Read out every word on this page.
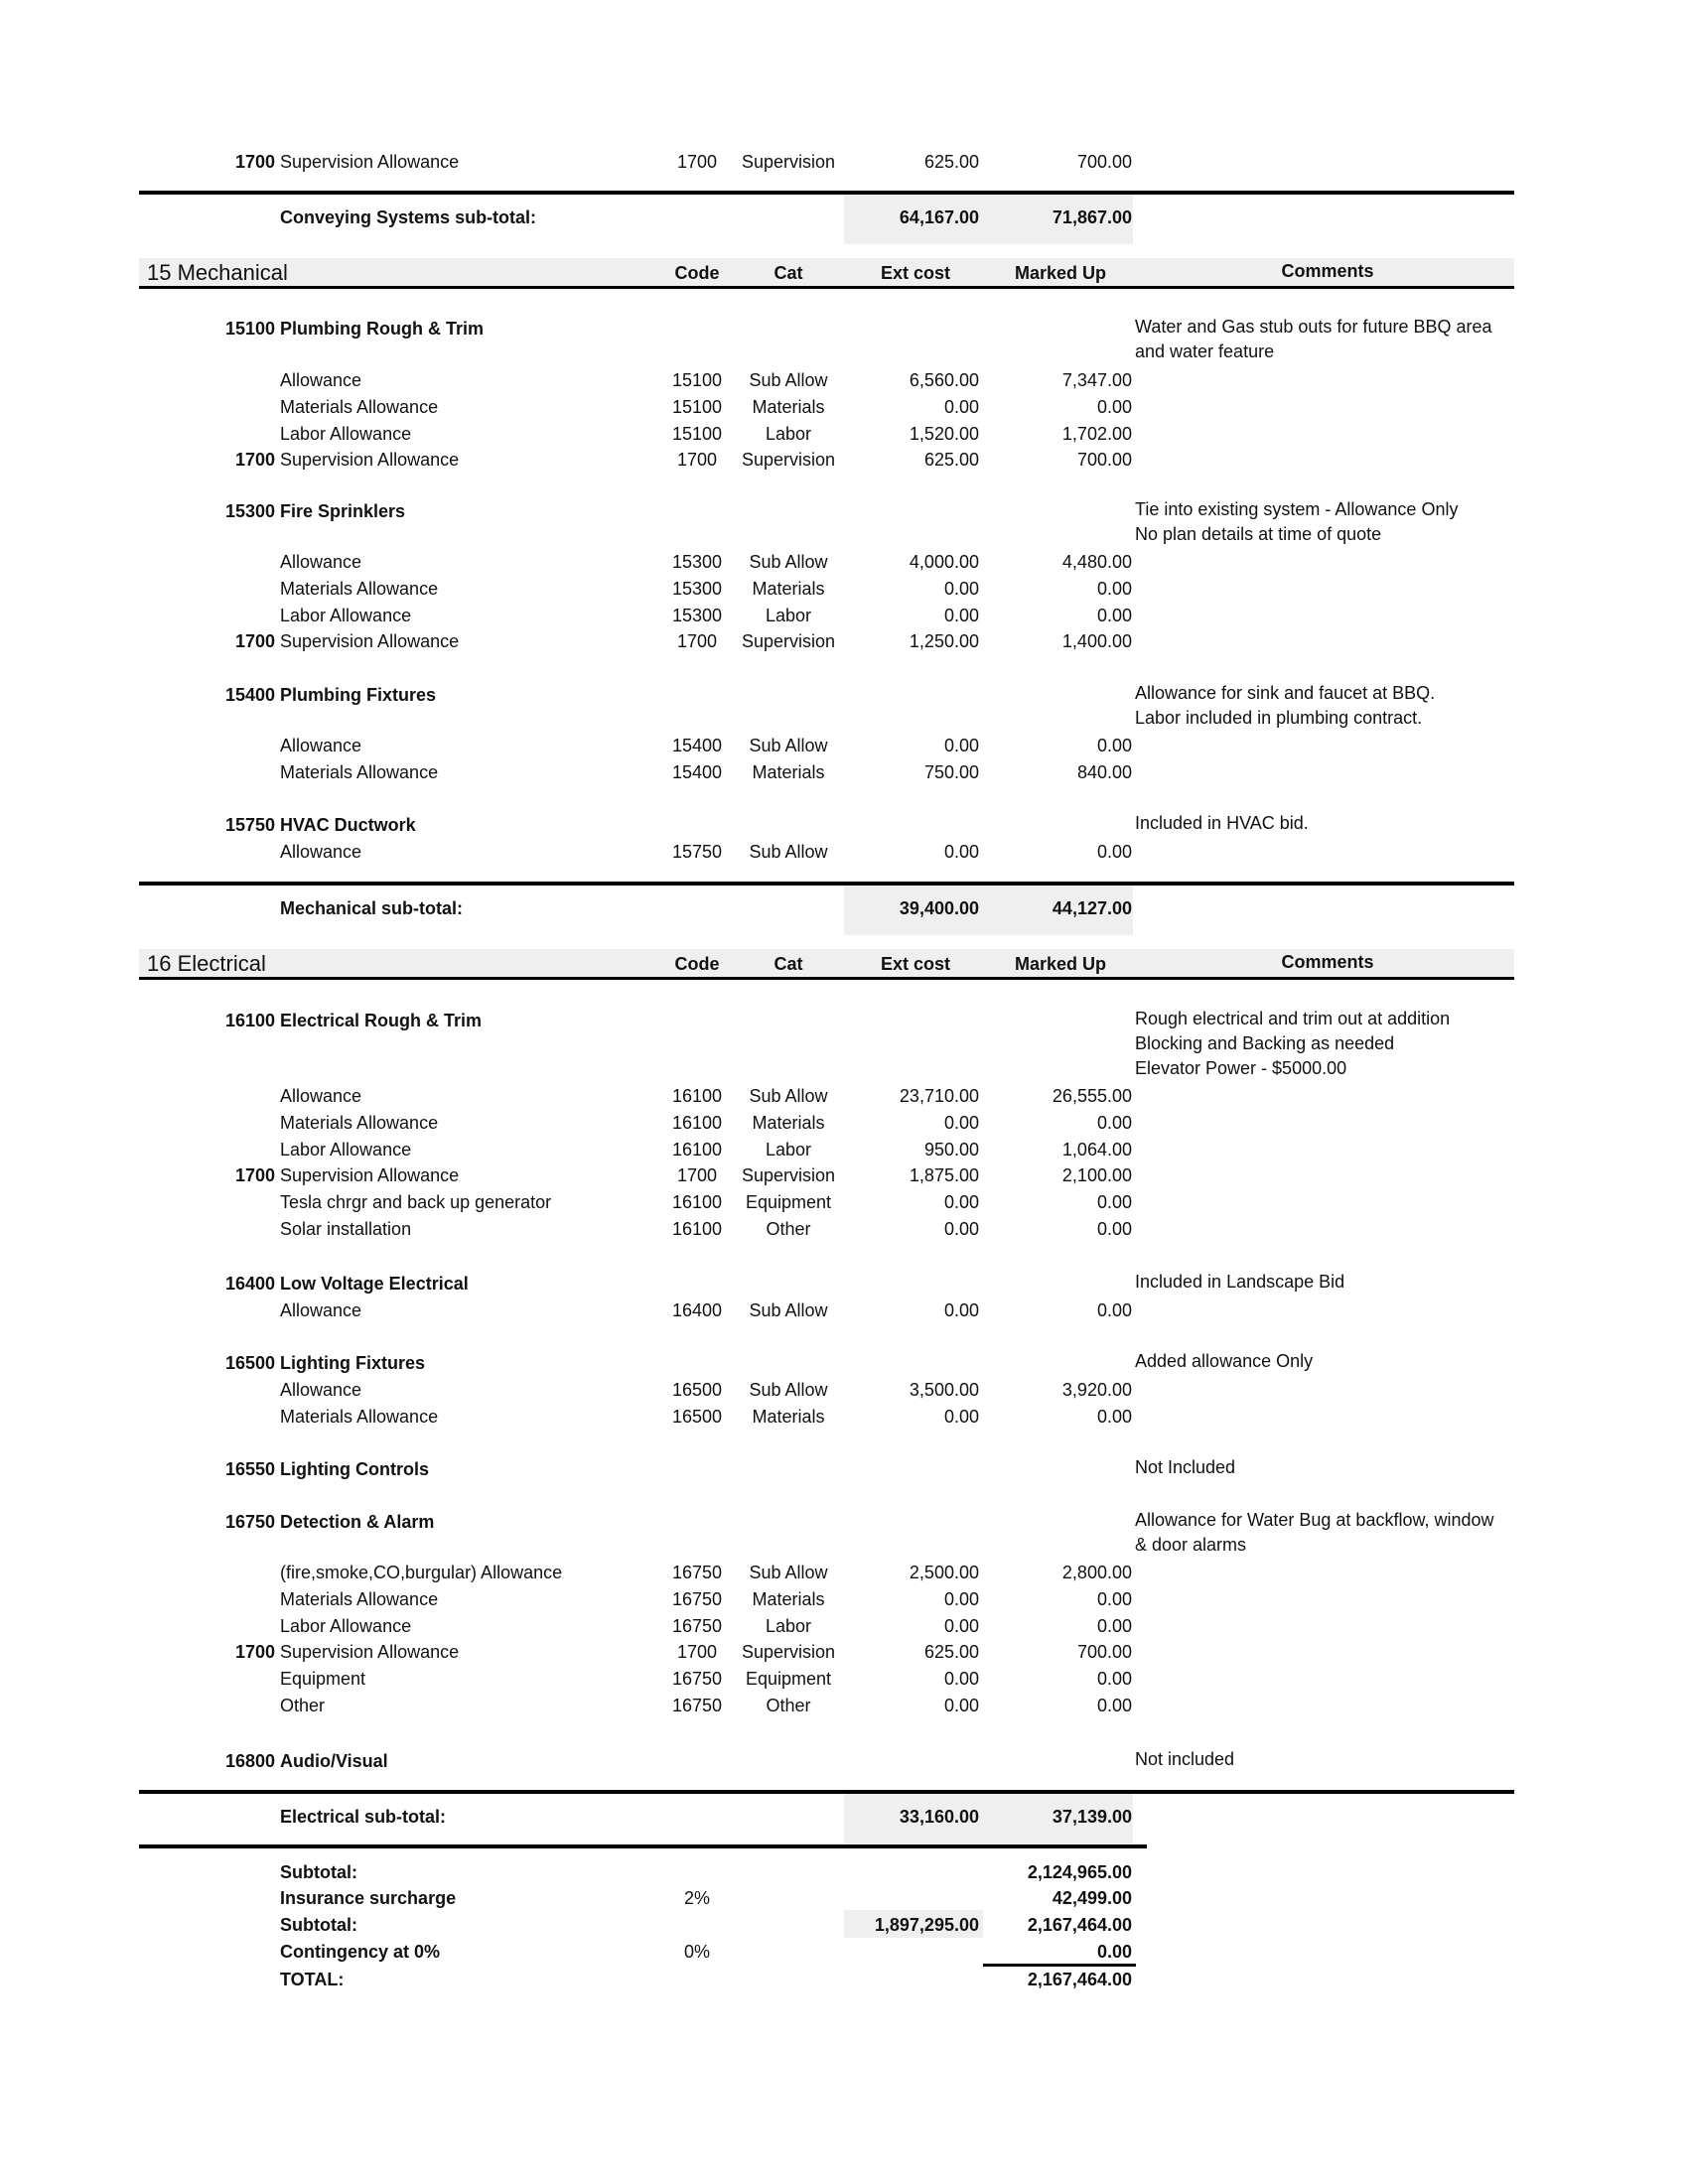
1700 Supervision Allowance	1700	Supervision	625.00	700.00
Conveying Systems sub-total:	64,167.00	71,867.00
15 Mechanical	Code	Cat	Ext cost	Marked Up	Comments
15100 Plumbing Rough & Trim	Water and Gas stub outs for future BBQ area
and water feature
Allowance	15100	Sub Allow	6,560.00	7,347.00
Materials Allowance	15100	Materials	0.00	0.00
Labor Allowance	15100	Labor	1,520.00	1,702.00
1700 Supervision Allowance	1700	Supervision	625.00	700.00
15300 Fire Sprinklers	Tie into existing system - Allowance Only
No plan details at time of quote
Allowance	15300	Sub Allow	4,000.00	4,480.00
Materials Allowance	15300	Materials	0.00	0.00
Labor Allowance	15300	Labor	0.00	0.00
1700 Supervision Allowance	1700	Supervision	1,250.00	1,400.00
15400 Plumbing Fixtures	Allowance for sink and faucet at BBQ.
Labor included in plumbing contract.
Allowance	15400	Sub Allow	0.00	0.00
Materials Allowance	15400	Materials	750.00	840.00
15750 HVAC Ductwork	Included in HVAC bid.
Allowance	15750	Sub Allow	0.00	0.00
Mechanical sub-total:	39,400.00	44,127.00
16 Electrical	Code	Cat	Ext cost	Marked Up	Comments
16100 Electrical Rough & Trim	Rough electrical and trim out at addition
Blocking and Backing as needed
Elevator Power - $5000.00
Allowance	16100	Sub Allow	23,710.00	26,555.00
Materials Allowance	16100	Materials	0.00	0.00
Labor Allowance	16100	Labor	950.00	1,064.00
1700 Supervision Allowance	1700	Supervision	1,875.00	2,100.00
Tesla chrgr and back up generator	16100	Equipment	0.00	0.00
Solar installation	16100	Other	0.00	0.00
16400 Low Voltage Electrical	Included in Landscape Bid
Allowance	16400	Sub Allow	0.00	0.00
16500 Lighting Fixtures	Added allowance Only
Allowance	16500	Sub Allow	3,500.00	3,920.00
Materials Allowance	16500	Materials	0.00	0.00
16550 Lighting Controls	Not Included
16750 Detection & Alarm	Allowance for Water Bug at backflow, window
& door alarms
(fire,smoke,CO,burgular) Allowance	16750	Sub Allow	2,500.00	2,800.00
Materials Allowance	16750	Materials	0.00	0.00
Labor Allowance	16750	Labor	0.00	0.00
1700 Supervision Allowance	1700	Supervision	625.00	700.00
Equipment	16750	Equipment	0.00	0.00
Other	16750	Other	0.00	0.00
16800 Audio/Visual	Not included
Electrical sub-total:	33,160.00	37,139.00
Subtotal:	2,124,965.00
Insurance surcharge	2%	42,499.00
Subtotal:	1,897,295.00	2,167,464.00
Contingency at 0%	0%	0.00
TOTAL:	2,167,464.00
